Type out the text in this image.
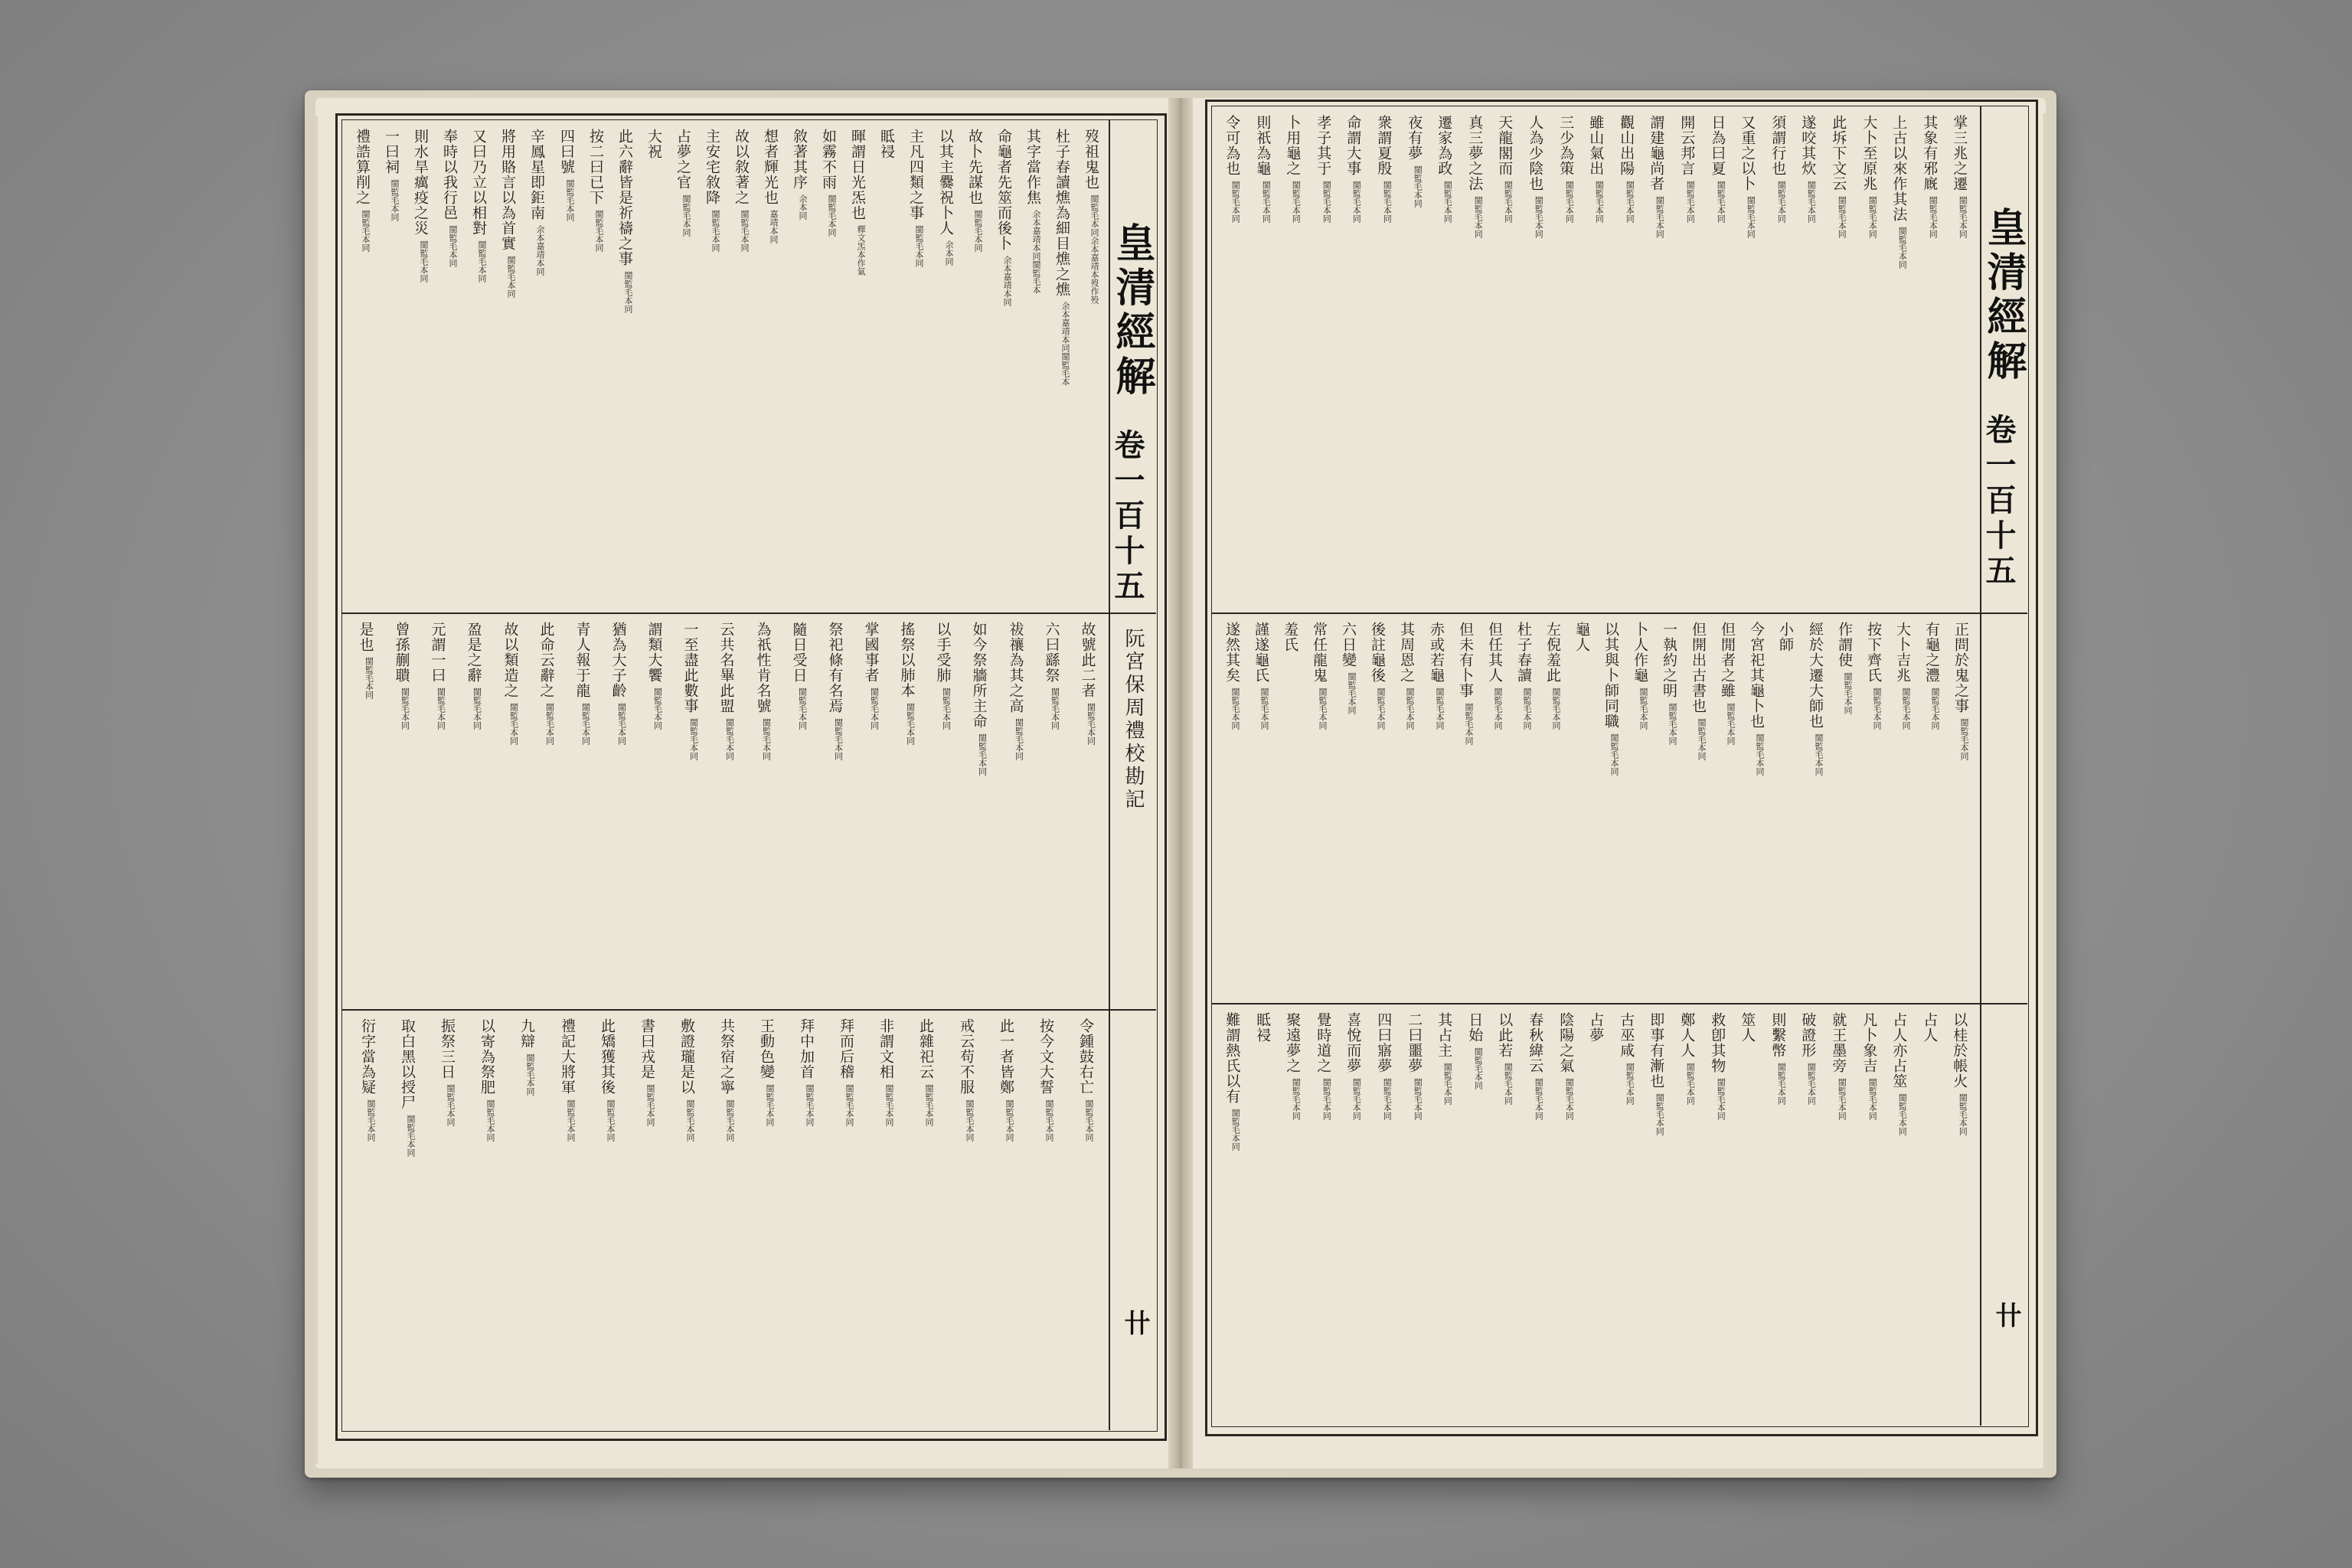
皇清經解
卷一百十五
阮宮保周禮校勘記
卄
歿祖鬼也
閩監毛本同余本嘉靖本歿作殁
杜子春讀燋為細目燋之燋
余本嘉靖本同閩監毛本
其字當作焦
余本嘉靖本同閩監毛本
命龜者先筮而後卜
余本嘉靖本同
故卜先謀也
閩監毛本同
以其主爨祝卜人
余本同
主凡四類之事
閩監毛本同
眡祲
暉謂日光炁也
釋文炁本作氣
如霧不雨
閩監毛本同
敘著其序
余本同
想者輝光也
嘉靖本同
故以敘著之
閩監毛本同
主安宅敘降
閩監毛本同
占夢之官
閩監毛本同
大祝
此六辭皆是祈禱之事
閩監毛本同
按二曰已下
閩監毛本同
四曰號
閩監毛本同
辛鳳星即鉅南
余本嘉靖本同
將用賂言以為首實
閩監毛本同
又曰乃立以相對
閩監毛本同
奉時以我行邑
閩監毛本同
則水旱癘疫之災
閩監毛本同
一曰祠
閩監毛本同
禮誥算削之
閩監毛本同
故號此二者
閩監毛本同
六曰繇祭
閩監毛本同
祓禳為其之高
閩監毛本同
如今祭牆所主命
閩監毛本同
以手受肺
閩監毛本同
搖祭以肺本
閩監毛本同
掌國事者
閩監毛本同
祭祀條有名焉
閩監毛本同
隨日受日
閩監毛本同
為祇性肯名號
閩監毛本同
云共名畢此盟
閩監毛本同
一至盡此數事
閩監毛本同
謂類大饗
閩監毛本同
猶為大子齡
閩監毛本同
青人報于龍
閩監毛本同
此命云辭之
閩監毛本同
故以類造之
閩監毛本同
盈是之辭
閩監毛本同
元謂一曰
閩監毛本同
曾孫蒯聵
閩監毛本同
是也
閩監毛本同
令鍾鼓右亡
閩監毛本同
按今文大誓
閩監毛本同
此一者皆鄭
閩監毛本同
戒云苟不服
閩監毛本同
此雜祀云
閩監毛本同
非謂文相
閩監毛本同
拜而后稽
閩監毛本同
拜中加首
閩監毛本同
王動色變
閩監毛本同
共祭宿之寧
閩監毛本同
敷證瓏是以
閩監毛本同
書曰戎是
閩監毛本同
此矯獲其後
閩監毛本同
禮記大將軍
閩監毛本同
九辯
閩監毛本同
以寄為祭肥
閩監毛本同
振祭三日
閩監毛本同
取白黑以授尸
閩監毛本同
衍字當為疑
閩監毛本同
皇清經解
卷一百十五
卄
掌三兆之遷
閩監毛本同
其象有邪廐
閩監毛本同
上古以來作其法
閩監毛本同
大卜至原兆
閩監毛本同
此坼下文云
閩監毛本同
遂咬其炊
閩監毛本同
須謂行也
閩監毛本同
又重之以卜
閩監毛本同
日為曰夏
閩監毛本同
開云邦言
閩監毛本同
謂建龜尚者
閩監毛本同
觀山出陽
閩監毛本同
雖山氣出
閩監毛本同
三少為策
閩監毛本同
人為少陰也
閩監毛本同
天龍閣而
閩監毛本同
真三夢之法
閩監毛本同
遷家為政
閩監毛本同
夜有夢
閩監毛本同
衆謂夏殷
閩監毛本同
命謂大事
閩監毛本同
孝子其于
閩監毛本同
卜用龜之
閩監毛本同
則祇為龜
閩監毛本同
令可為也
閩監毛本同
正問於鬼之事
閩監毛本同
有龜之灃
閩監毛本同
大卜吉兆
閩監毛本同
按下齊氏
閩監毛本同
作謂使
閩監毛本同
經於大遷大師也
閩監毛本同
小師
今宮祀其龜卜也
閩監毛本同
但閒者之雖
閩監毛本同
但開出古書也
閩監毛本同
一執約之明
閩監毛本同
卜人作龜
閩監毛本同
以其與卜師同職
閩監毛本同
龜人
左倪羞此
閩監毛本同
杜子春讀
閩監毛本同
但任其人
閩監毛本同
但未有卜事
閩監毛本同
赤或若龜
閩監毛本同
其周恩之
閩監毛本同
後註龜後
閩監毛本同
六日變
閩監毛本同
常任龍鬼
閩監毛本同
羞氏
謹遂龜氏
閩監毛本同
遂然其矣
閩監毛本同
以桂於帳火
閩監毛本同
占人
占人亦占筮
閩監毛本同
凡卜象吉
閩監毛本同
就王墨旁
閩監毛本同
破證形
閩監毛本同
則繫幣
閩監毛本同
筮人
救卽其物
閩監毛本同
鄭人人
閩監毛本同
即事有漸也
閩監毛本同
古巫咸
閩監毛本同
占夢
陰陽之氣
閩監毛本同
春秋緯云
閩監毛本同
以此若
閩監毛本同
日始
閩監毛本同
其占主
閩監毛本同
二曰噩夢
閩監毛本同
四曰寤夢
閩監毛本同
喜悅而夢
閩監毛本同
覺時道之
閩監毛本同
聚遠夢之
閩監毛本同
眡祲
難謂熱氏以有
閩監毛本同
